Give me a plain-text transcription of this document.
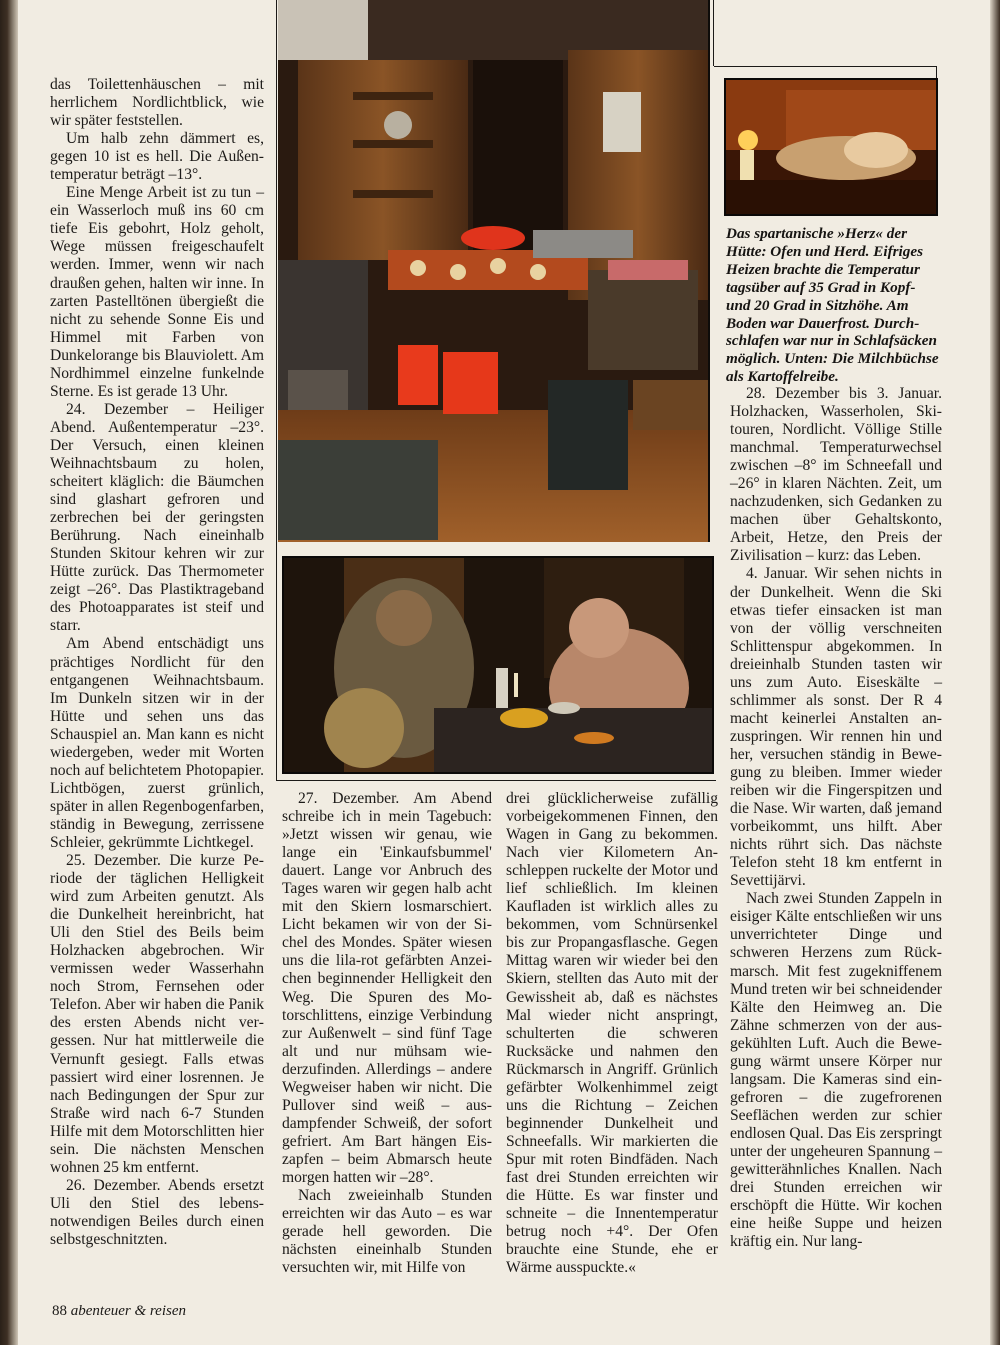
das Toilettenhäuschen – mit herrlichem Nordlichtblick, wie wir später feststellen.

Um halb zehn dämmert es, gegen 10 ist es hell. Die Außentemperatur beträgt –13°.

Eine Menge Arbeit ist zu tun – ein Wasserloch muß ins 60 cm tiefe Eis gebohrt, Holz geholt, Wege müssen freigeschaufelt werden. Immer, wenn wir nach draußen gehen, halten wir inne. In zarten Pastelltönen übergießt die nicht zu sehende Sonne Eis und Himmel mit Farben von Dunkelorange bis Blauviolett. Am Nordhimmel einzelne funkelnde Sterne. Es ist gerade 13 Uhr.

24. Dezember – Heiliger Abend. Außentemperatur –23°. Der Versuch, einen kleinen Weihnachtsbaum zu holen, scheitert kläglich: die Bäumchen sind glashart gefroren und zerbrechen bei der geringsten Berührung. Nach eineinhalb Stunden Skitour kehren wir zur Hütte zurück. Das Thermometer zeigt –26°. Das Plastiktrageband des Photoapparates ist steif und starr.

Am Abend entschädigt uns prächtiges Nordlicht für den entgangenen Weihnachtsbaum. Im Dunkeln sitzen wir in der Hütte und sehen uns das Schauspiel an. Man kann es nicht wiedergeben, weder mit Worten noch auf belichtetem Photopapier. Lichtbögen, zuerst grünlich, später in allen Regenbogenfarben, ständig in Bewegung, zerrissene Schleier, gekrümmte Lichtkegel.

25. Dezember. Die kurze Periode der täglichen Helligkeit wird zum Arbeiten genutzt. Als die Dunkelheit hereinbricht, hat Uli den Stiel des Beils beim Holzhacken abgebrochen. Wir vermissen weder Wasserhahn noch Strom, Fernsehen oder Telefon. Aber wir haben die Panik des ersten Abends nicht vergessen. Nur hat mittlerweile die Vernunft gesiegt. Falls etwas passiert wird einer losrennen. Je nach Bedingungen der Spur zur Straße wird nach 6-7 Stunden Hilfe mit dem Motorschlitten hier sein. Die nächsten Menschen wohnen 25 km entfernt.

26. Dezember. Abends ersetzt Uli den Stiel des lebensnotwendigen Beiles durch einen selbstgeschnitzten.

27. Dezember. Am Abend schreibe ich in mein Tagebuch: »Jetzt wissen wir genau, wie lange ein 'Einkaufsbummel' dauert. Lange vor Anbruch des Tages waren wir gegen halb acht mit den Skiern losmarschiert. Licht bekamen wir von der Sichel des Mondes. Später wiesen uns die lila-rot gefärbten Anzeichen beginnender Helligkeit den Weg. Die Spuren des Motorschlittens, einzige Verbindung zur Außenwelt – sind fünf Tage alt und nur mühsam wiederzufinden. Allerdings – andere Wegweiser haben wir nicht. Die Pullover sind weiß – ausdampfender Schweiß, der sofort gefriert. Am Bart hängen Eiszapfen – beim Abmarsch heute morgen hatten wir –28°.

Nach zweieinhalb Stunden erreichten wir das Auto – es war gerade hell geworden. Die nächsten eineinhalb Stunden versuchten wir, mit Hilfe von

drei glücklicherweise zufällig vorbeigekommenen Finnen, den Wagen in Gang zu bekommen. Nach vier Kilometern Anschleppen ruckelte der Motor und lief schließlich. Im kleinen Kaufladen ist wirklich alles zu bekommen, vom Schnürsenkel bis zur Propangasflasche. Gegen Mittag waren wir wieder bei den Skiern, stellten das Auto mit der Gewissheit ab, daß es nächstes Mal wieder nicht anspringt, schulterten die schweren Rucksäcke und nahmen den Rückmarsch in Angriff. Grünlich gefärbter Wolkenhimmel zeigt uns die Richtung – Zeichen beginnender Dunkelheit und Schneefalls. Wir markierten die Spur mit roten Bindfäden. Nach fast drei Stunden erreichten wir die Hütte. Es war finster und schneite – die Innentemperatur betrug noch +4°. Der Ofen brauchte eine Stunde, ehe er Wärme ausspuckte.«

Das spartanische »Herz« der Hütte: Ofen und Herd. Eifriges Heizen brachte die Temperatur tagsüber auf 35 Grad in Kopf- und 20 Grad in Sitzhöhe. Am Boden war Dauerfrost. Durchschlafen war nur in Schlafsäcken möglich. Unten: Die Milchbüchse als Kartoffelreibe.

28. Dezember bis 3. Januar. Holzhacken, Wasserholen, Skitouren, Nordlicht. Völlige Stille manchmal. Temperaturwechsel zwischen –8° im Schneefall und –26° in klaren Nächten. Zeit, um nachzudenken, sich Gedanken zu machen über Gehaltskonto, Arbeit, Hetze, den Preis der Zivilisation – kurz: das Leben.

4. Januar. Wir sehen nichts in der Dunkelheit. Wenn die Ski etwas tiefer einsacken ist man von der völlig verschneiten Schlittenspur abgekommen. In dreieinhalb Stunden tasten wir uns zum Auto. Eiseskälte – schlimmer als sonst. Der R 4 macht keinerlei Anstalten anzuspringen. Wir rennen hin und her, versuchen ständig in Bewegung zu bleiben. Immer wieder reiben wir die Fingerspitzen und die Nase. Wir warten, daß jemand vorbeikommt, uns hilft. Aber nichts rührt sich. Das nächste Telefon steht 18 km entfernt in Sevettijärvi.

Nach zwei Stunden Zappeln in eisiger Kälte entschließen wir uns unverrichteter Dinge und schweren Herzens zum Rückmarsch. Mit fest zugekniffenem Mund treten wir bei schneidender Kälte den Heimweg an. Die Zähne schmerzen von der ausgekühlten Luft. Auch die Bewegung wärmt unsere Körper nur langsam. Die Kameras sind eingefroren – die zugefrorenen Seeflächen werden zur schier endlosen Qual. Das Eis zerspringt unter der ungeheuren Spannung – gewitterähnliches Knallen. Nach drei Stunden erreichen wir erschöpft die Hütte. Wir kochen eine heiße Suppe und heizen kräftig ein. Nur lang-

88 abenteuer & reisen
